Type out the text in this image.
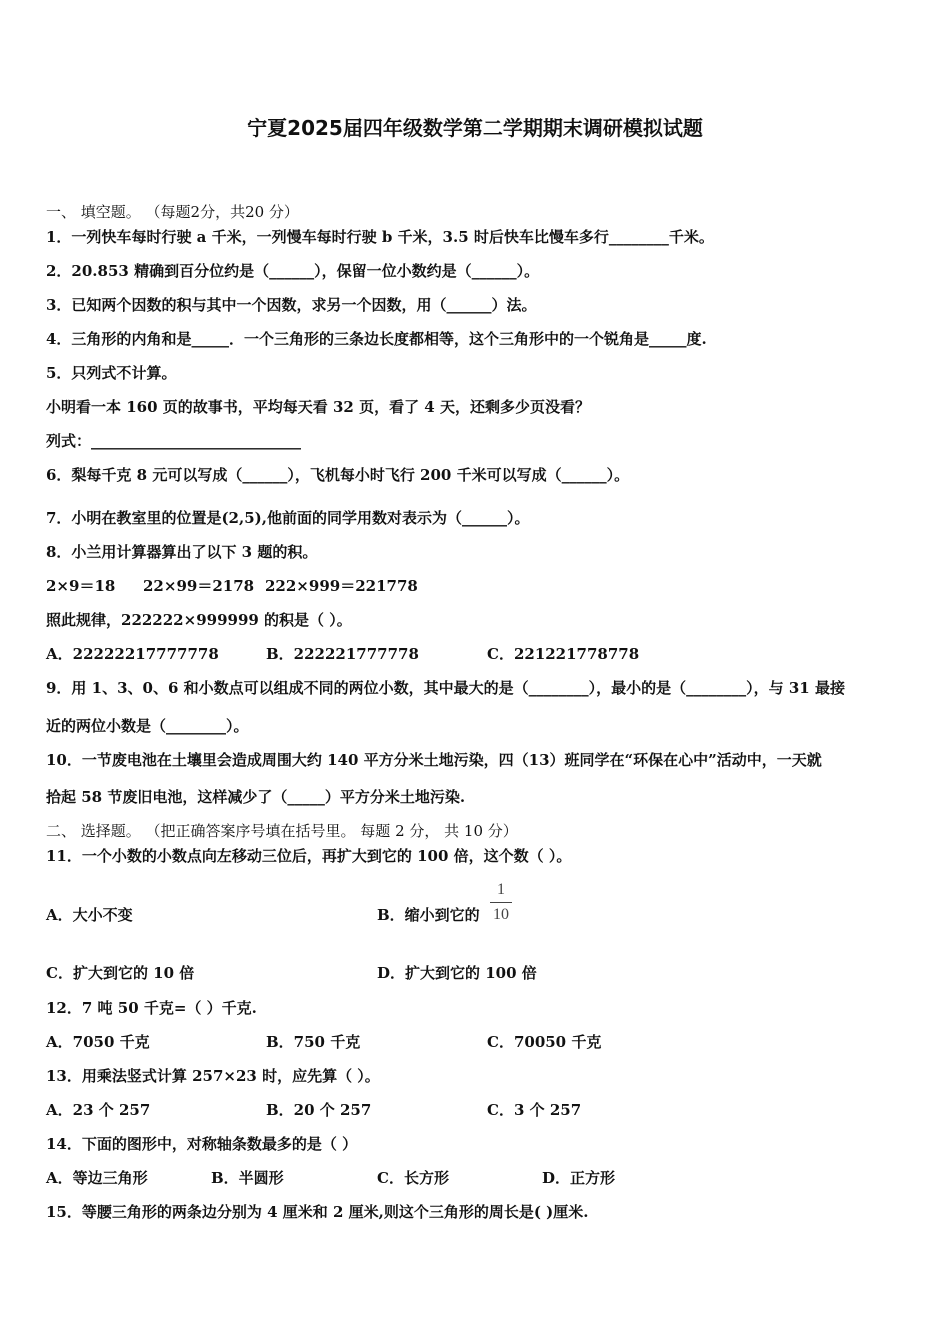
宁夏2025届四年级数学第二学期期末调研模拟试题
一、 填空题。 （每题2分，共20 分）
1．一列快车每时行驶 a 千米，一列慢车每时行驶 b 千米，3.5 时后快车比慢车多行________千米。
2．20.853 精确到百分位约是（______），保留一位小数约是（______）。
3．已知两个因数的积与其中一个因数，求另一个因数，用（______）法。
4．三角形的内角和是_____．一个三角形的三条边长度都相等，这个三角形中的一个锐角是_____度.
5．只列式不计算。
小明看一本 160 页的故事书，平均每天看 32 页，看了 4 天，还剩多少页没看？
列式：____________________________
6．梨每千克 8 元可以写成（______），飞机每小时飞行 200 千米可以写成（______）。
7．小明在教室里的位置是(2,5),他前面的同学用数对表示为（______）。
8．小兰用计算器算出了以下 3 题的积。
2×9＝18 22×99＝2178 222×999＝221778
照此规律，222222×999999 的积是（ ）。
A．22222217777778	B．222221777778	C．221221778778
9．用 1、3、0、6 和小数点可以组成不同的两位小数，其中最大的是（________），最小的是（________），与 31 最接
近的两位小数是（________）。
10．一节废电池在土壤里会造成周围大约 140 平方分米土地污染，四（13）班同学在“环保在心中”活动中，一天就
拾起 58 节废旧电池，这样减少了（_____）平方分米土地污染.
二、 选择题。 （把正确答案序号填在括号里。 每题 2 分， 共 10 分）
11．一个小数的小数点向左移动三位后，再扩大到它的 100 倍，这个数（ ）。
A．大小不变	B．缩小到它的
1
10
C．扩大到它的 10 倍	D．扩大到它的 100 倍
12．7 吨 50 千克=（ ）千克.
A．7050 千克	B．750 千克	C．70050 千克
13．用乘法竖式计算 257×23 时，应先算（ ）。
A．23 个 257	B．20 个 257	C．3 个 257
14．下面的图形中，对称轴条数最多的是（ ）
A．等边三角形	B．半圆形	C．长方形	D．正方形
15．等腰三角形的两条边分别为 4 厘米和 2 厘米,则这个三角形的周长是( )厘米.
